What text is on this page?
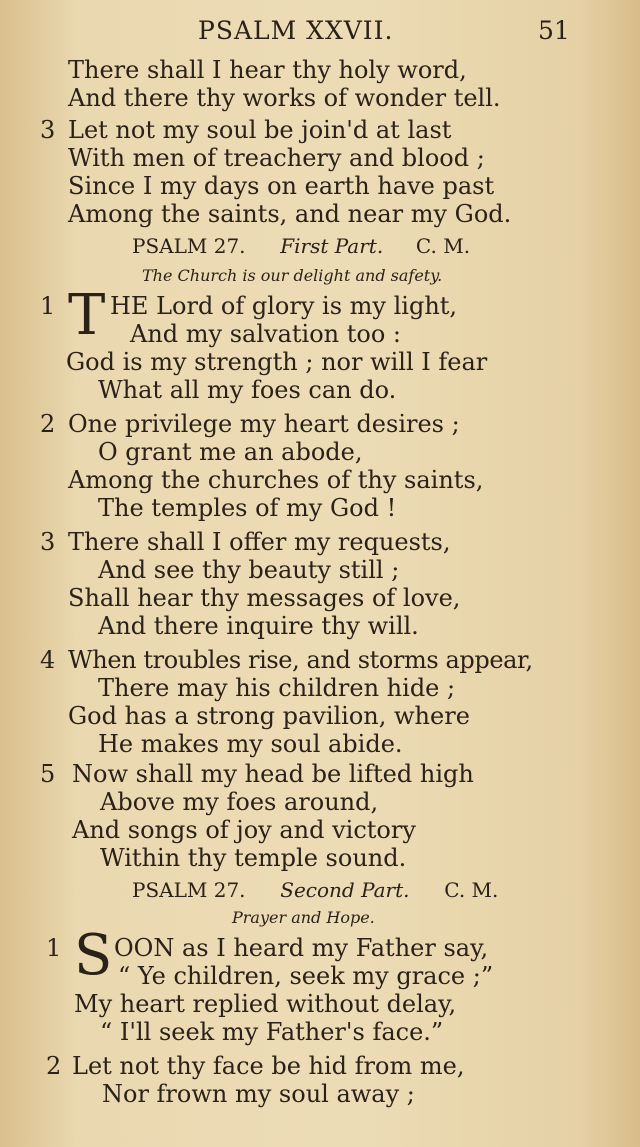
PSALM XXVII.	51
There shall I hear thy holy word,
And there thy works of wonder tell.
3 Let not my soul be join'd at last
With men of treachery and blood ;
Since I my days on earth have past
Among the saints, and near my God.
PSALM 27. First Part. C. M.
The Church is our delight and safety.
1 T HE Lord of glory is my light,
And my salvation too :
God is my strength ; nor will I fear
What all my foes can do.
2 One privilege my heart desires ;
O grant me an abode,
Among the churches of thy saints,
The temples of my God !
3 There shall I offer my requests,
And see thy beauty still ;
Shall hear thy messages of love,
And there inquire thy will.
4 When troubles rise, and storms appear,
There may his children hide ;
God has a strong pavilion, where
He makes my soul abide.
5 Now shall my head be lifted high
Above my foes around,
And songs of joy and victory
Within thy temple sound.
PSALM 27. Second Part. C. M.
Prayer and Hope.
1 S OON as I heard my Father say,
“ Ye children, seek my grace ;”
My heart replied without delay,
“ I'll seek my Father's face.”
2 Let not thy face be hid from me,
Nor frown my soul away ;
